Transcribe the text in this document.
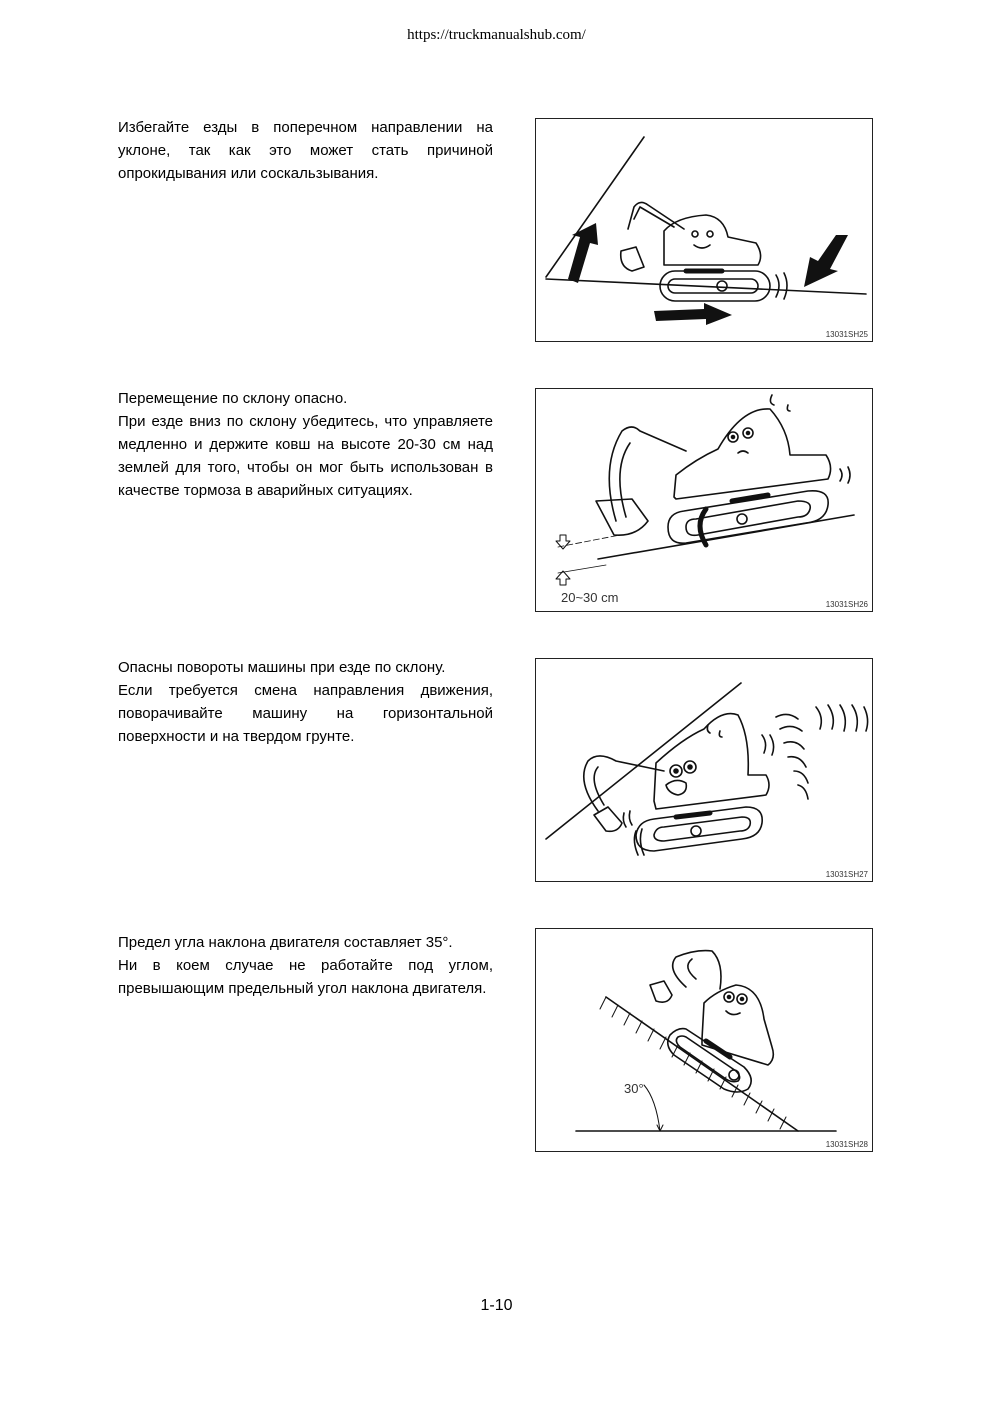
https://truckmanualshub.com/

Избегайте езды в поперечном направлении на уклоне, так как это может стать причиной опрокидывания или соскальзывания.

13031SH25

Перемещение по склону опасно.

При езде вниз по склону убедитесь, что управляете медленно и держите ковш на высоте 20-30 см над землей для того, чтобы он мог быть использован в качестве тормоза в аварийных ситуациях.

20~30 cm	13031SH26

Опасны повороты машины при езде по склону.

Если требуется смена направления движения, поворачивайте машину на горизонтальной поверхности и на твердом грунте.

13031SH27

Предел угла наклона двигателя составляет 35°.

Ни в коем случае не работайте под углом, превышающим предельный угол наклона двигателя.

30°
13031SH28
1-10
